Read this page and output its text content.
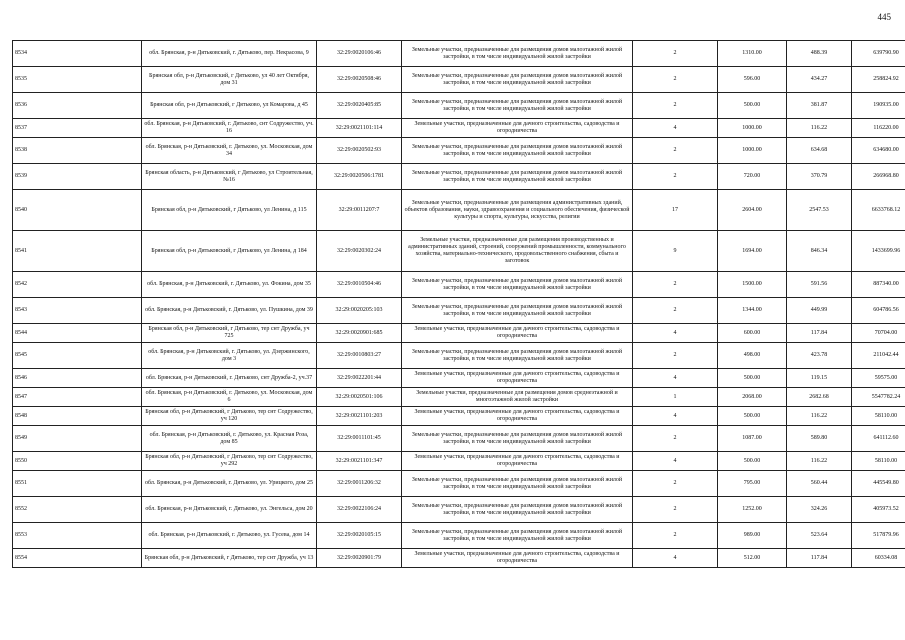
445
8534	обл. Брянская, р-н Дятьковский, г. Дятьково, пер. Некрасова, 9	32:29:0020106:46	Земельные участки, предназначенные для размещения домов малоэтажной жилой застройки, в том числе индивидуальной жилой застройки	2	1310.00	488.39	639790.90
8535	Брянская обл, р-н Дятьковский, г Дятьково, ул 40 лет Октября, дом 31	32:29:0020508:46	Земельные участки, предназначенные для размещения домов малоэтажной жилой застройки, в том числе индивидуальной жилой застройки	2	596.00	434.27	258824.92
8536	Брянская обл, р-н Дятьковский, г Дятьково, ул Комарова, д 45	32:29:0020405:85	Земельные участки, предназначенные для размещения домов малоэтажной жилой застройки, в том числе индивидуальной жилой застройки	2	500.00	381.87	190935.00
8537	обл. Брянская, р-н Дятьковский, г. Дятьково, снт Содружество, уч. 16	32:29:0021101:114	Земельные участки, предназначенные для дачного строительства, садоводства и огородничества	4	1000.00	116.22	116220.00
8538	обл. Брянская, р-н Дятьковский, г. Дятьково, ул. Московская, дом 34	32:29:0020502:93	Земельные участки, предназначенные для размещения домов малоэтажной жилой застройки, в том числе индивидуальной жилой застройки	2	1000.00	634.68	634680.00
8539	Брянская область, р-н Дятьковский, г Дятьково, ул Строительная, №16	32:29:0020506:1781	Земельные участки, предназначенные для размещения домов малоэтажной жилой застройки, в том числе индивидуальной жилой застройки	2	720.00	370.79	266968.80
8540	Брянская обл, р-н Дятьковский, г Дятьково, ул Ленина, д 115	32:29:0011207:7	Земельные участки, предназначенные для размещения административных зданий, объектов образования, науки, здравоохранения и социального обеспечения, физической культуры и спорта, культуры, искусства, религии	17	2604.00	2547.53	6633768.12
8541	Брянская обл, р-н Дятьковский, г Дятьково, ул Ленина, д 184	32:29:0020302:24	Земельные участки, предназначенные для размещения производственных и административных зданий, строений, сооружений промышленности, коммунального хозяйства, материально-технического, продовольственного снабжения, сбыта и заготовок	9	1694.00	846.34	1433699.96
8542	обл. Брянская, р-н Дятьковский, г. Дятьково, ул. Фокина, дом 35	32:29:0010504:46	Земельные участки, предназначенные для размещения домов малоэтажной жилой застройки, в том числе индивидуальной жилой застройки	2	1500.00	591.56	887340.00
8543	обл. Брянская, р-н Дятьковский, г. Дятьково, ул. Пушкина, дом 39	32:29:0020205:103	Земельные участки, предназначенные для размещения домов малоэтажной жилой застройки, в том числе индивидуальной жилой застройки	2	1344.00	449.99	604786.56
8544	Брянская обл, р-н Дятьковский, г Дятьково, тер снт Дружба, уч 725	32:29:0020901:685	Земельные участки, предназначенные для дачного строительства, садоводства и огородничества	4	600.00	117.84	70704.00
8545	обл. Брянская, р-н Дятьковский, г. Дятьково, ул. Дзержинского, дом 3	32:29:0010803:27	Земельные участки, предназначенные для размещения домов малоэтажной жилой застройки, в том числе индивидуальной жилой застройки	2	498.00	423.78	211042.44
8546	обл. Брянская, р-н Дятьковский, г. Дятьково, снт Дружба-2, уч.37	32:29:0022201:44	Земельные участки, предназначенные для дачного строительства, садоводства и огородничества	4	500.00	119.15	59575.00
8547	обл. Брянская, р-н Дятьковский, г. Дятьково, ул. Московская, дом 6	32:29:0020501:106	Земельные участки, предназначенные для размещения домов среднеэтажной и многоэтажной жилой застройки	1	2068.00	2682.68	5547782.24
8548	Брянская обл, р-н Дятьковский, г Дятьково, тер снт Содружество, уч 120	32:29:0021101:203	Земельные участки, предназначенные для дачного строительства, садоводства и огородничества	4	500.00	116.22	58110.00
8549	обл. Брянская, р-н Дятьковский, г. Дятьково, ул. Красная Роза, дом 85	32:29:0011101:45	Земельные участки, предназначенные для размещения домов малоэтажной жилой застройки, в том числе индивидуальной жилой застройки	2	1087.00	589.80	641112.60
8550	Брянская обл, р-н Дятьковский, г Дятьково, тер снт Содружество, уч 292	32:29:0021101:347	Земельные участки, предназначенные для дачного строительства, садоводства и огородничества	4	500.00	116.22	58110.00
8551	обл. Брянская, р-н Дятьковский, г. Дятьково, ул. Урицкого, дом 25	32:29:0011206:32	Земельные участки, предназначенные для размещения домов малоэтажной жилой застройки, в том числе индивидуальной жилой застройки	2	795.00	560.44	445549.80
8552	обл. Брянская, р-н Дятьковский, г. Дятьково, ул. Энгельса, дом 20	32:29:0022106:24	Земельные участки, предназначенные для размещения домов малоэтажной жилой застройки, в том числе индивидуальной жилой застройки	2	1252.00	324.26	405973.52
8553	обл. Брянская, р-н Дятьковский, г. Дятьково, ул. Гусева, дом 14	32:29:0020105:15	Земельные участки, предназначенные для размещения домов малоэтажной жилой застройки, в том числе индивидуальной жилой застройки	2	989.00	523.64	517879.96
8554	Брянская обл, р-н Дятьковский, г Дятьково, тер снт Дружба, уч 13	32:29:0020901:79	Земельные участки, предназначенные для дачного строительства, садоводства и огородничества	4	512.00	117.84	60334.08
